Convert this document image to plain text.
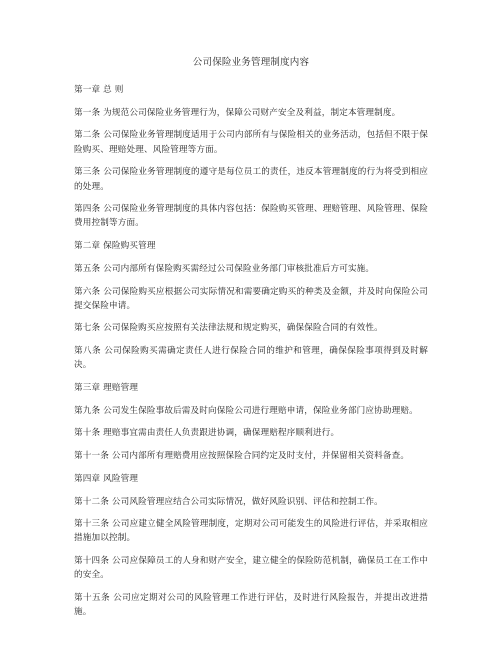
公司保险业务管理制度内容
第一章 总 则
第一条 为规范公司保险业务管理行为，保障公司财产安全及利益，制定本管理制度。
第二条 公司保险业务管理制度适用于公司内部所有与保险相关的业务活动，包括但不限于保险购买、理赔处理、风险管理等方面。
第三条 公司保险业务管理制度的遵守是每位员工的责任，违反本管理制度的行为将受到相应的处理。
第四条 公司保险业务管理制度的具体内容包括：保险购买管理、理赔管理、风险管理、保险费用控制等方面。
第二章 保险购买管理
第五条 公司内部所有保险购买需经过公司保险业务部门审核批准后方可实施。
第六条 公司保险购买应根据公司实际情况和需要确定购买的种类及金额，并及时向保险公司提交保险申请。
第七条 公司保险购买应按照有关法律法规和规定购买，确保保险合同的有效性。
第八条 公司保险购买需确定责任人进行保险合同的维护和管理，确保保险事项得到及时解决。
第三章 理赔管理
第九条 公司发生保险事故后需及时向保险公司进行理赔申请，保险业务部门应协助理赔。
第十条 理赔事宜需由责任人负责跟进协调，确保理赔程序顺利进行。
第十一条 公司内部所有理赔费用应按照保险合同约定及时支付，并保留相关资料备查。
第四章 风险管理
第十二条 公司风险管理应结合公司实际情况，做好风险识别、评估和控制工作。
第十三条 公司应建立健全风险管理制度，定期对公司可能发生的风险进行评估，并采取相应措施加以控制。
第十四条 公司应保障员工的人身和财产安全，建立健全的保险防范机制，确保员工在工作中的安全。
第十五条 公司应定期对公司的风险管理工作进行评估，及时进行风险报告，并提出改进措施。
